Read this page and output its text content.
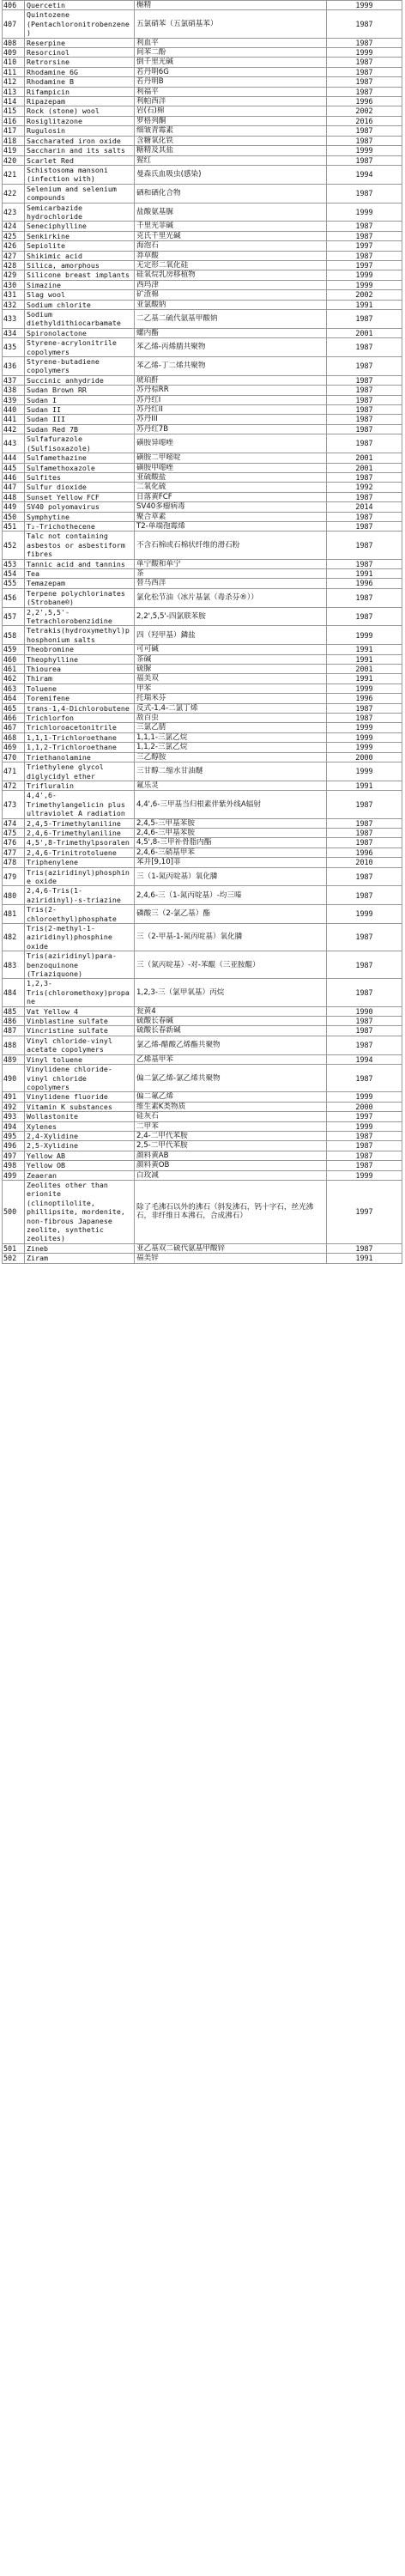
406	Quercetin	槲精	1999
407	Quintozene (Pentachloronitrobenzene)	五氯硝苯（五氯硝基苯）	1987
408	Reserpine	利血平	1987
409	Resorcinol	间苯二酚	1999
410	Retrorsine	倒千里光碱	1987
411	Rhodamine 6G	若丹明6G	1987
412	Rhodamine B	若丹明B	1987
413	Rifampicin	利福平	1987
414	Ripazepam	利帕西泮	1996
415	Rock (stone) wool	岩(石)棉	2002
416	Rosiglitazone	罗格列酮	2016
417	Rugulosin	细皱青霉素	1987
418	Saccharated iron oxide	含糖氧化铁	1987
419	Saccharin and its salts	糖精及其盐	1999
420	Scarlet Red	猩红	1987
421	Schistosoma mansoni (infection with)	曼森氏血吸虫(感染)	1994
422	Selenium and selenium compounds	硒和硒化合物	1987
423	Semicarbazide hydrochloride	盐酸氨基脲	1999
424	Seneciphylline	千里光菲碱	1987
425	Senkirkine	克氏千里光碱	1987
426	Sepiolite	海泡石	1997
427	Shikimic acid	莽草酸	1987
428	Silica, amorphous	无定形二氧化硅	1997
429	Silicone breast implants	硅氧烷乳房移植物	1999
430	Simazine	西玛津	1999
431	Slag wool	矿渣棉	2002
432	Sodium chlorite	亚氯酸钠	1991
433	Sodium diethyldithiocarbamate	二乙基二硫代氨基甲酸钠	1987
434	Spironolactone	螺内酯	2001
435	Styrene-acrylonitrile copolymers	苯乙烯-丙烯腈共聚物	1987
436	Styrene-butadiene copolymers	苯乙烯-丁二烯共聚物	1987
437	Succinic anhydride	琥珀酐	1987
438	Sudan Brown RR	苏丹棕RR	1987
439	Sudan I	苏丹红I	1987
440	Sudan II	苏丹红II	1987
441	Sudan III	苏丹III	1987
442	Sudan Red 7B	苏丹红7B	1987
443	Sulfafurazole (Sulfisoxazole)	磺胺异噁唑	1987
444	Sulfamethazine	磺胺二甲嘧啶	2001
445	Sulfamethoxazole	磺胺甲噁唑	2001
446	Sulfites	亚硫酸盐	1987
447	Sulfur dioxide	二氧化硫	1992
448	Sunset Yellow FCF	日落黄FCF	1987
449	SV40 polyomavirus	SV40多瘤病毒	2014
450	Symphytine	聚合草素	1987
451	T₂-Trichothecene	T2-单端孢霉烯	1987
452	Talc not containing asbestos or asbestiform fibres	不含石棉或石棉状纤维的滑石粉	1987
453	Tannic acid and tannins	单宁酸和单宁	1987
454	Tea	茶	1991
455	Temazepam	替马西泮	1996
456	Terpene polychlorinates (Strobane®)	氯化松节油（冰片基氯（毒杀芬®））	1987
457	2,2',5,5'-Tetrachlorobenzidine	2,2',5,5'-四氯联苯胺	1987
458	Tetrakis(hydroxymethyl)phosphonium salts	四（羟甲基）鏻盐	1999
459	Theobromine	可可碱	1991
460	Theophylline	茶碱	1991
461	Thiourea	硫脲	2001
462	Thiram	福美双	1991
463	Toluene	甲苯	1999
464	Toremifene	托瑞米芬	1996
465	trans-1,4-Dichlorobutene	反式-1,4-二氯丁烯	1987
466	Trichlorfon	敌百虫	1987
467	Trichloroacetonitrile	三氯乙腈	1999
468	1,1,1-Trichloroethane	1,1,1-三氯乙烷	1999
469	1,1,2-Trichloroethane	1,1,2-三氯乙烷	1999
470	Triethanolamine	三乙醇胺	2000
471	Triethylene glycol diglycidyl ether	三甘醇二缩水甘油醚	1999
472	Trifluralin	氟乐灵	1991
473	4,4',6-Trimethylangelicin plus ultraviolet A radiation	4,4',6-三甲基当归根素伴紫外线A辐射	1987
474	2,4,5-Trimethylaniline	2,4,5-三甲基苯胺	1987
475	2,4,6-Trimethylaniline	2,4,6-三甲基苯胺	1987
476	4,5',8-Trimethylpsoralen	4,5',8-三甲补骨脂内酯	1987
477	2,4,6-Trinitrotoluene	2,4,6-三硝基甲苯	1996
478	Triphenylene	苯并[9,10]菲	2010
479	Tris(aziridinyl)phosphine oxide	三（1-氮丙啶基）氧化膦	1987
480	2,4,6-Tris(1-aziridinyl)-s-triazine	2,4,6-三（1-氮丙啶基）-均三嗪	1987
481	Tris(2-chloroethyl)phosphate	磷酸三（2-氯乙基）酯	1999
482	Tris(2-methyl-1-aziridinyl)phosphine oxide	三（2-甲基-1-氮丙啶基）氧化膦	1987
483	Tris(aziridinyl)para-benzoquinone (Triaziquone)	三（氮丙啶基）-对-苯醌（三亚胺醌）	1987
484	1,2,3-Tris(chloromethoxy)propane	1,2,3-三（氯甲氧基）丙烷	1987
485	Vat Yellow 4	瓮黄4	1990
486	Vinblastine sulfate	硫酸长春碱	1987
487	Vincristine sulfate	硫酸长春新碱	1987
488	Vinyl chloride-vinyl acetate copolymers	氯乙烯-醋酸乙烯酯共聚物	1987
489	Vinyl toluene	乙烯基甲苯	1994
490	Vinylidene chloride-vinyl chloride copolymers	偏二氯乙烯-氯乙烯共聚物	1987
491	Vinylidene fluoride	偏二氟乙烯	1999
492	Vitamin K substances	维生素K类物质	2000
493	Wollastonite	硅灰石	1997
494	Xylenes	二甲苯	1999
495	2,4-Xylidine	2,4-二甲代苯胺	1987
496	2,5-Xylidine	2,5-二甲代苯胺	1987
497	Yellow AB	颜料黄AB	1987
498	Yellow OB	颜料黄OB	1987
499	Zeaeran	白玫减	1999
500	Zeolites other than erionite (clinoptilolite, phillipsite, mordenite, non-fibrous Japanese zeolite, synthetic zeolites)	除了毛沸石以外的沸石（斜发沸石，钙十字石，丝光沸石，非纤维日本沸石，合成沸石）	1997
501	Zineb	亚乙基双二硫代氨基甲酸锌	1987
502	Ziram	福美锌	1991
